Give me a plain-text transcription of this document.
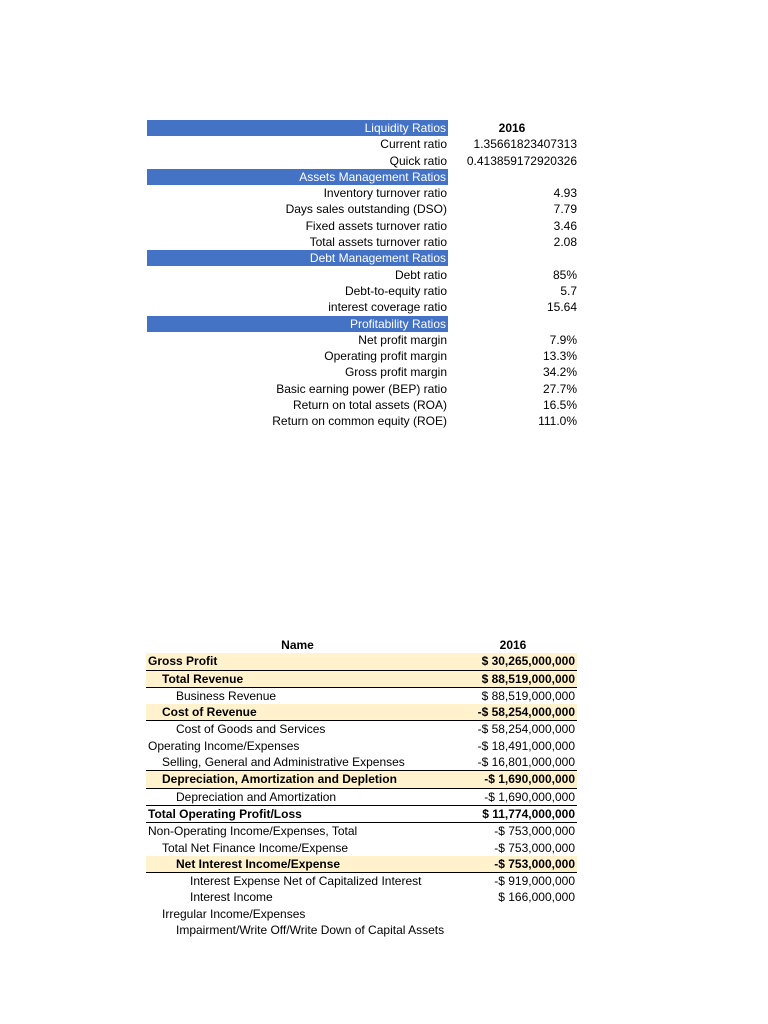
Liquidity Ratios	2016
Current ratio	1.35661823407313
Quick ratio	0.413859172920326
Assets Management Ratios
Inventory turnover ratio	4.93
Days sales outstanding (DSO)	7.79
Fixed assets turnover ratio	3.46
Total assets turnover ratio	2.08
Debt Management Ratios
Debt ratio	85%
Debt-to-equity ratio	5.7
interest coverage ratio	15.64
Profitability Ratios
Net profit margin	7.9%
Operating profit margin	13.3%
Gross profit margin	34.2%
Basic earning power (BEP) ratio	27.7%
Return on total assets (ROA)	16.5%
Return on common equity (ROE)	111.0%
Name	2016
Gross Profit	$ 30,265,000,000
Total Revenue	$ 88,519,000,000
Business Revenue	$ 88,519,000,000
Cost of Revenue	-$ 58,254,000,000
Cost of Goods and Services	-$ 58,254,000,000
Operating Income/Expenses	-$ 18,491,000,000
Selling, General and Administrative Expenses	-$ 16,801,000,000
Depreciation, Amortization and Depletion	-$ 1,690,000,000
Depreciation and Amortization	-$ 1,690,000,000
Total Operating Profit/Loss	$ 11,774,000,000
Non-Operating Income/Expenses, Total	-$ 753,000,000
Total Net Finance Income/Expense	-$ 753,000,000
Net Interest Income/Expense	-$ 753,000,000
Interest Expense Net of Capitalized Interest	-$ 919,000,000
Interest Income	$ 166,000,000
Irregular Income/Expenses
Impairment/Write Off/Write Down of Capital Assets
